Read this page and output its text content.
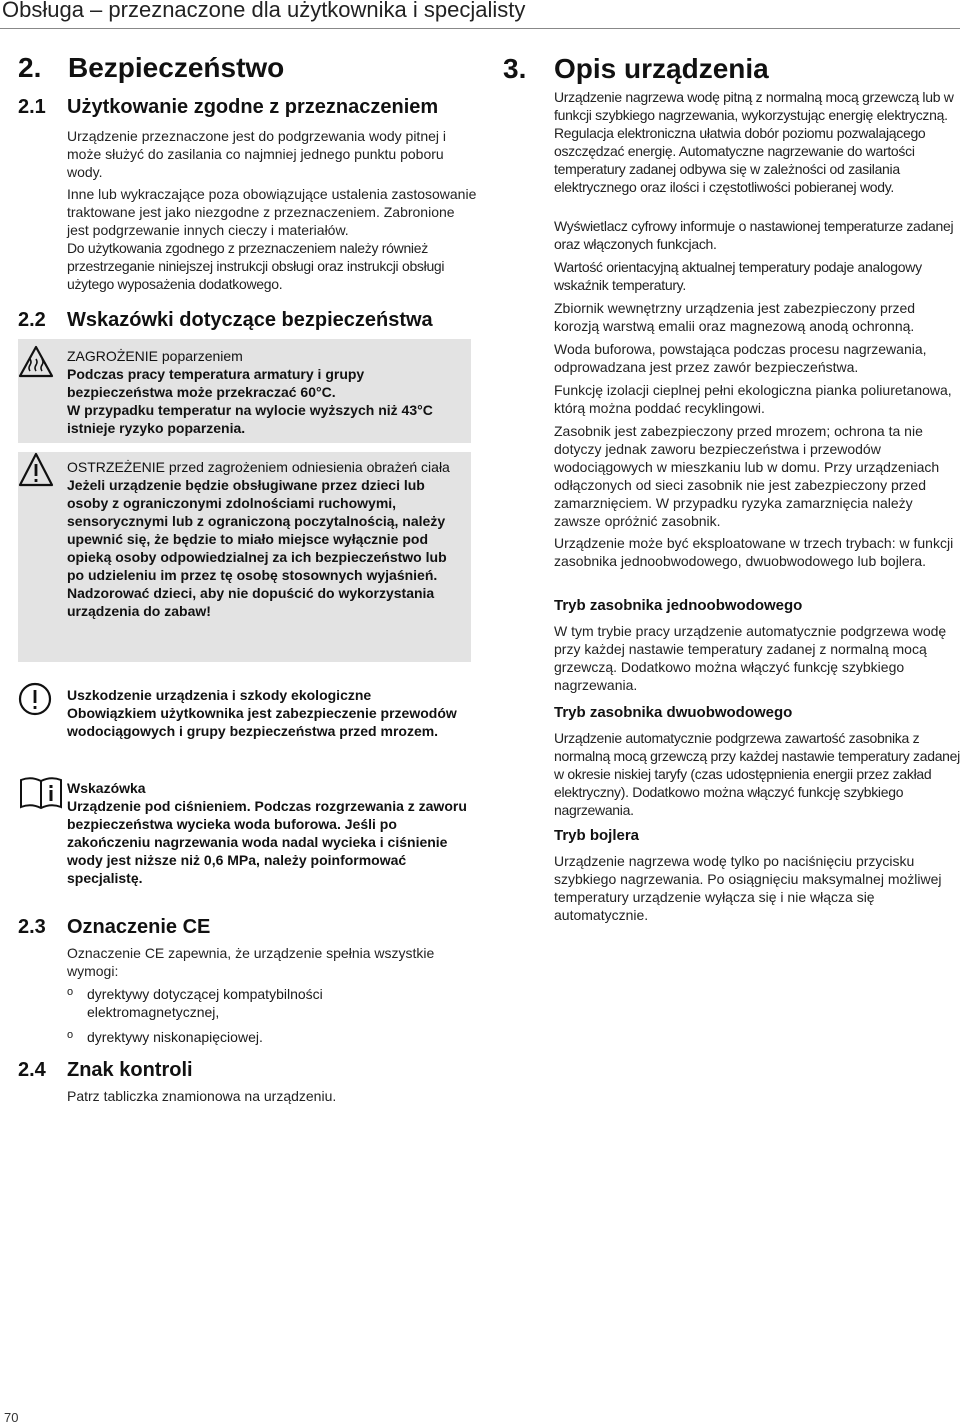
Obsługa – przeznaczone dla użytkownika i specjalisty
2. Bezpieczeństwo
2.1 Użytkowanie zgodne z przeznaczeniem
Urządzenie przeznaczone jest do podgrzewania wody pitnej i może służyć do zasilania co najmniej jednego punktu poboru wody.
Inne lub wykraczające poza obowiązujące ustalenia zastosowanie traktowane jest jako niezgodne z przeznaczeniem. Zabronione jest podgrzewanie innych cieczy i materiałów.
Do użytkowania zgodnego z przeznaczeniem należy również przestrzeganie niniejszej instrukcji obsługi oraz instrukcji obsługi użytego wyposażenia dodatkowego.
2.2 Wskazówki dotyczące bezpieczeństwa
ZAGROŻENIE poparzeniem
Podczas pracy temperatura armatury i grupy bezpieczeństwa może przekraczać 60°C.
W przypadku temperatur na wylocie wyższych niż 43°C istnieje ryzyko poparzenia.
OSTRZEŻENIE przed zagrożeniem odniesienia obrażeń ciała
Jeżeli urządzenie będzie obsługiwane przez dzieci lub osoby z ograniczonymi zdolnościami ruchowymi, sensorycznymi lub z ograniczoną poczytalnością, należy upewnić się, że będzie to miało miejsce wyłącznie pod opieką osoby odpowiedzialnej za ich bezpieczeństwo lub po udzieleniu im przez tę osobę stosownych wyjaśnień.
Nadzorować dzieci, aby nie dopuścić do wykorzystania urządzenia do zabaw!
Uszkodzenie urządzenia i szkody ekologiczne
Obowiązkiem użytkownika jest zabezpieczenie przewodów wodociągowych i grupy bezpieczeństwa przed mrozem.
Wskazówka
Urządzenie pod ciśnieniem. Podczas rozgrzewania z zaworu bezpieczeństwa wycieka woda buforowa. Jeśli po zakończeniu nagrzewania woda nadal wycieka i ciśnienie wody jest niższe niż 0,6 MPa, należy poinformować specjalistę.
2.3 Oznaczenie CE
Oznaczenie CE zapewnia, że urządzenie spełnia wszystkie wymogi:
o dyrektywy dotyczącej kompatybilności elektromagnetycznej,
o dyrektywy niskonapięciowej.
2.4 Znak kontroli
Patrz tabliczka znamionowa na urządzeniu.
3. Opis urządzenia
Urządzenie nagrzewa wodę pitną z normalną mocą grzewczą lub w funkcji szybkiego nagrzewania, wykorzystując energię elektryczną. Regulacja elektroniczna ułatwia dobór poziomu pozwalającego oszczędzać energię. Automatyczne nagrzewanie do wartości temperatury zadanej odbywa się w zależności od zasilania elektrycznego oraz ilości i częstotliwości pobieranej wody.
Wyświetlacz cyfrowy informuje o nastawionej temperaturze zadanej oraz włączonych funkcjach.
Wartość orientacyjną aktualnej temperatury podaje analogowy wskaźnik temperatury.
Zbiornik wewnętrzny urządzenia jest zabezpieczony przed korozją warstwą emalii oraz magnezową anodą ochronną.
Woda buforowa, powstająca podczas procesu nagrzewania, odprowadzana jest przez zawór bezpieczeństwa.
Funkcję izolacji cieplnej pełni ekologiczna pianka poliuretanowa, którą można poddać recyklingowi.
Zasobnik jest zabezpieczony przed mrozem; ochrona ta nie dotyczy jednak zaworu bezpieczeństwa i przewodów wodociągowych w mieszkaniu lub w domu. Przy urządzeniach odłączonych od sieci zasobnik nie jest zabezpieczony przed zamarznięciem. W przypadku ryzyka zamarznięcia należy zawsze opróżnić zasobnik.
Urządzenie może być eksploatowane w trzech trybach: w funkcji zasobnika jednoobwodowego, dwuobwodowego lub bojlera.
Tryb zasobnika jednoobwodowego
W tym trybie pracy urządzenie automatycznie podgrzewa wodę przy każdej nastawie temperatury zadanej z normalną mocą grzewczą. Dodatkowo można włączyć funkcję szybkiego nagrzewania.
Tryb zasobnika dwuobwodowego
Urządzenie automatycznie podgrzewa zawartość zasobnika z normalną mocą grzewczą przy każdej nastawie temperatury zadanej w okresie niskiej taryfy (czas udostępnienia energii przez zakład elektryczny). Dodatkowo można włączyć funkcję szybkiego nagrzewania.
Tryb bojlera
Urządzenie nagrzewa wodę tylko po naciśnięciu przycisku szybkiego nagrzewania. Po osiągnięciu maksymalnej możliwej temperatury urządzenie wyłącza się i nie włącza się automatycznie.
70
